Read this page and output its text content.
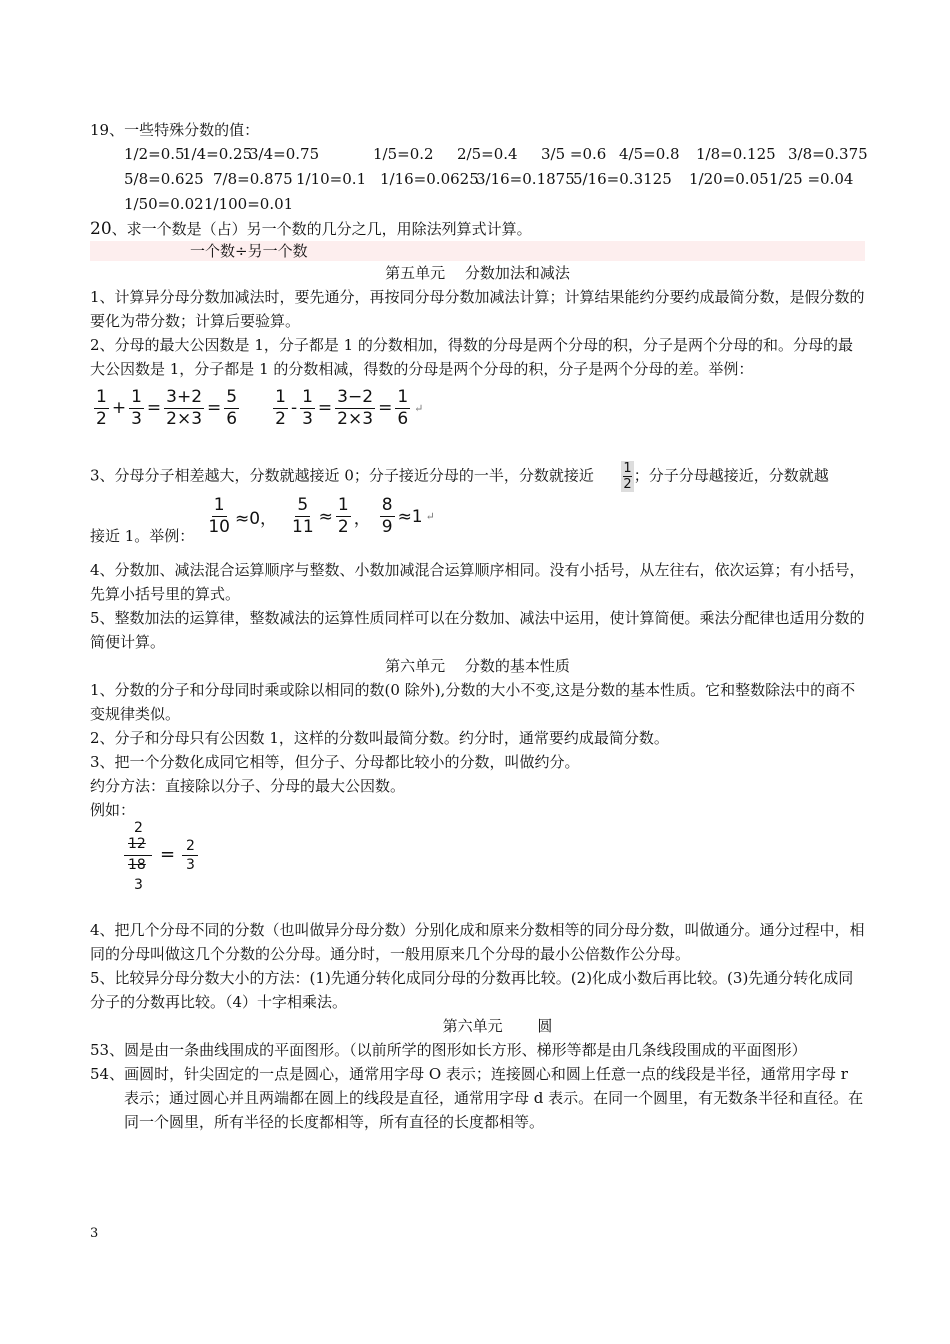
19、一些特殊分数的值：

1/2=0.51/4=0.253/4=0.75	1/5=0.2 2/5=0.4 3/5 =0.6 4/5=0.8 1/8=0.125 3/8=0.375
5/8=0.625 7/8=0.875 1/10=0.1 1/16=0.06253/16=0.18755/16=0.3125 1/20=0.051/25 =0.04
1/50=0.021/100=0.01

20、求一个数是（占）另一个数的几分之几，用除法列算式计算。

一个数÷另一个数

第五单元　 分数加法和减法

1、计算异分母分数加减法时，要先通分，再按同分母分数加减法计算；计算结果能约分要约成最简分数，是假分数的要化为带分数；计算后要验算。

2、分母的最大公因数是 1，分子都是 1 的分数相加，得数的分母是两个分母的积，分子是两个分母的和。分母的最大公因数是 1，分子都是 1 的分数相减，得数的分母是两个分母的积，分子是两个分母的差。举例：

$\frac{1}{2} + \frac{1}{3} = \frac{3+2}{2\times 3} = \frac{5}{6} \frac{1}{2} - \frac{1}{3} = \frac{3-2}{2\times 3} = \frac{1}{6}$ ↵

3、分母分子相差越大，分数就越接近 0；分子接近分母的一半，分数就接近 $\frac{1}{2}$ ；分子分母越接近，分数就越

接近 1。举例： $\frac{1}{10} \approx 0$， $\frac{5}{11} \approx \frac{1}{2}$ ， $\frac{8}{9} \approx 1$ ↵

4、分数加、减法混合运算顺序与整数、小数加减混合运算顺序相同。没有小括号，从左往右，依次运算；有小括号，先算小括号里的算式。

5、整数加法的运算律，整数减法的运算性质同样可以在分数加、减法中运用，使计算简便。乘法分配律也适用分数的简便计算。

第六单元　 分数的基本性质

1、分数的分子和分母同时乘或除以相同的数(0 除外),分数的大小不变,这是分数的基本性质。它和整数除法中的商不变规律类似。

2、分子和分母只有公因数 1，这样的分数叫最简分数。约分时，通常要约成最简分数。

3、把一个分数化成同它相等，但分子、分母都比较小的分数，叫做约分。

约分方法：直接除以分子、分母的最大公因数。

例如：

2
12
18
3
= 2
3

4、把几个分母不同的分数（也叫做异分母分数）分别化成和原来分数相等的同分母分数，叫做通分。通分过程中，相同的分母叫做这几个分数的公分母。通分时，一般用原来几个分母的最小公倍数作公分母。

5、比较异分母分数大小的方法：(1)先通分转化成同分母的分数再比较。(2)化成小数后再比较。(3)先通分转化成同分子的分数再比较。（4）十字相乘法。

第六单元　 　圆

53、圆是由一条曲线围成的平面图形。（以前所学的图形如长方形、梯形等都是由几条线段围成的平面图形）

54、画圆时，针尖固定的一点是圆心，通常用字母 O 表示；连接圆心和圆上任意一点的线段是半径，通常用字母 r 表示；通过圆心并且两端都在圆上的线段是直径，通常用字母 d 表示。在同一个圆里，有无数条半径和直径。在同一个圆里，所有半径的长度都相等，所有直径的长度都相等。

3
